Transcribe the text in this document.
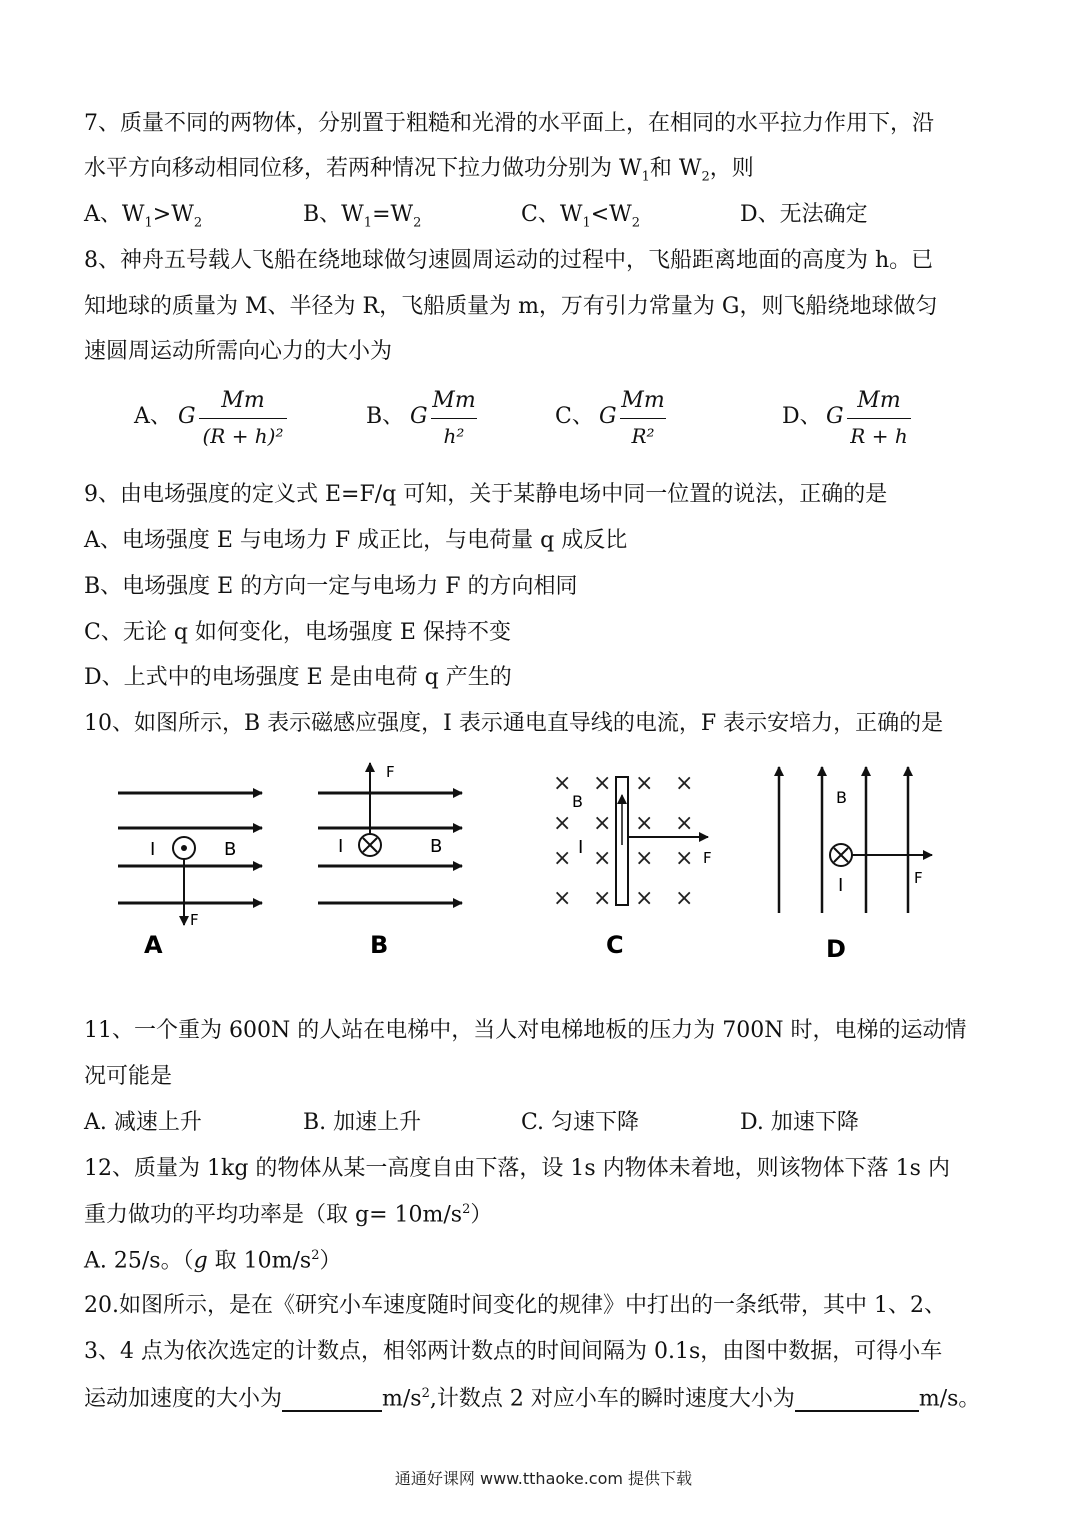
7、质量不同的两物体，分别置于粗糙和光滑的水平面上，在相同的水平拉力作用下，沿
水平方向移动相同位移，若两种情况下拉力做功分别为 $W_1$和 $W_2$，则
A、$W_1>W_2$	B、$W_1=W_2$	C、$W_1<W_2$	D、无法确定
8、神舟五号载人飞船在绕地球做匀速圆周运动的过程中，飞船距离地面的高度为 h。已
知地球的质量为 M、半径为 R，飞船质量为 m，万有引力常量为 G，则飞船绕地球做匀
速圆周运动所需向心力的大小为
A、 G
Mm
(R + h)²
B、 G
Mm
h²
C、 G
Mm
R²
D、 G
Mm
R + h
9、由电场强度的定义式 E=F/q 可知，关于某静电场中同一位置的说法，正确的是
A、电场强度 E 与电场力 F 成正比，与电荷量 q 成反比
B、电场强度 E 的方向一定与电场力 F 的方向相同
C、无论 q 如何变化，电场强度 E 保持不变
D、上式中的电场强度 E 是由电荷 q 产生的
10、如图所示，B 表示磁感应强度，I 表示通电直导线的电流，F 表示安培力，正确的是
I	B
F
A
I	B
F
B
× × × ×
× × × ×
× × × ×
× × × ×
B
I	F
C
B
I	F
D
11、一个重为 600N 的人站在电梯中，当人对电梯地板的压力为 700N 时，电梯的运动情
况可能是
A. 减速上升	B. 加速上升	C. 匀速下降	D. 加速下降
12、质量为 1kg 的物体从某一高度自由下落，设 1s 内物体未着地，则该物体下落 1s 内
重力做功的平均功率是（取 $g= 10m/s^2$）
A. 25/s。（g 取 $10m/s^2$）
20.如图所示，是在《研究小车速度随时间变化的规律》中打出的一条纸带，其中 1、2、
3、4 点为依次选定的计数点，相邻两计数点的时间间隔为 0.1s，由图中数据，可得小车
运动加速度的大小为	$m/s^2$,计数点 2 对应小车的瞬时速度大小为	m/s。
通通好课网 www.tthaoke.com 提供下载
